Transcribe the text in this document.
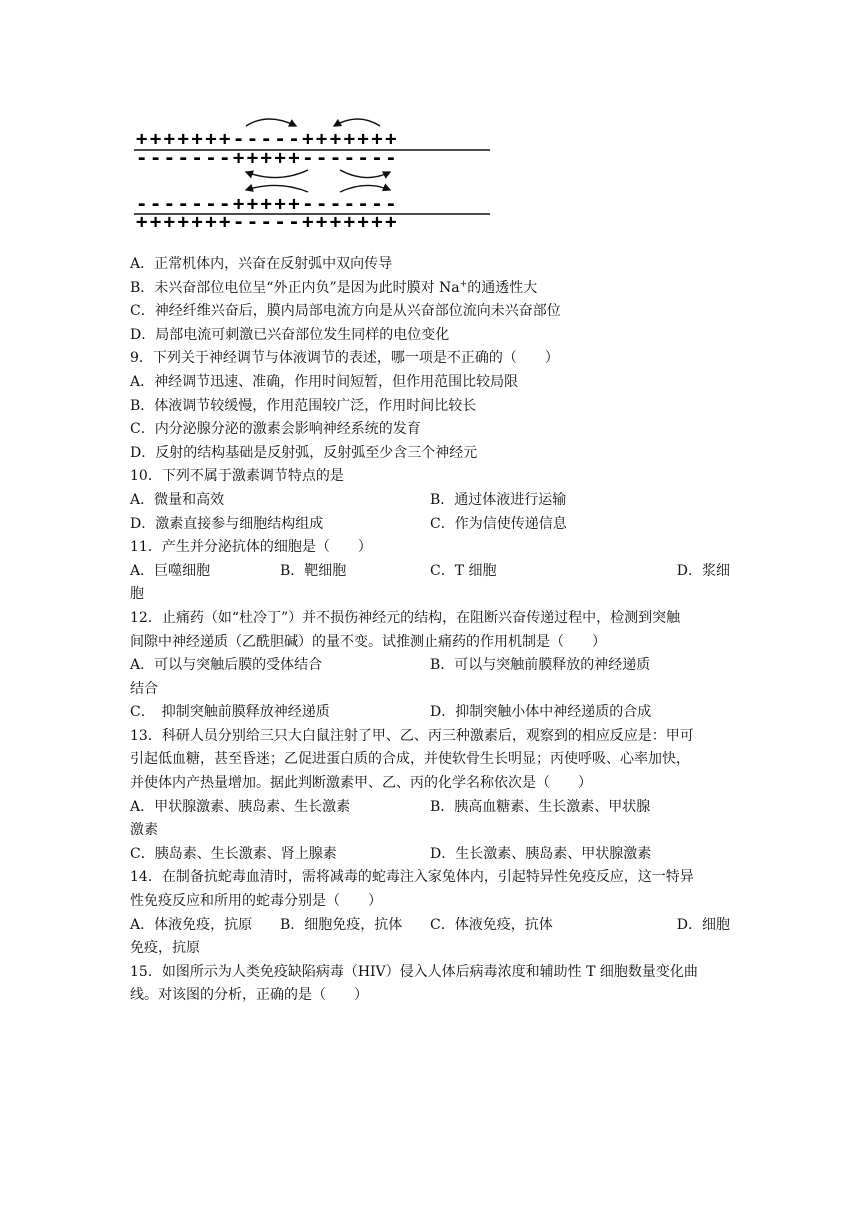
+++++++-----+++++++
-------+++++-------
-------+++++-------
+++++++-----+++++++
A．正常机体内，兴奋在反射弧中双向传导
B．未兴奋部位电位呈“外正内负”是因为此时膜对 Na+的通透性大
C．神经纤维兴奋后，膜内局部电流方向是从兴奋部位流向未兴奋部位
D．局部电流可刺激已兴奋部位发生同样的电位变化
9．下列关于神经调节与体液调节的表述，哪一项是不正确的（　　）
A．神经调节迅速、准确，作用时间短暂，但作用范围比较局限
B．体液调节较缓慢，作用范围较广泛，作用时间比较长
C．内分泌腺分泌的激素会影响神经系统的发育
D．反射的结构基础是反射弧，反射弧至少含三个神经元
10．下列不属于激素调节特点的是
A．微量和高效	B．通过体液进行运输
D．激素直接参与细胞结构组成	C．作为信使传递信息
11．产生并分泌抗体的细胞是（　　）
A．巨噬细胞	B．靶细胞	C．T 细胞	D．浆细
胞
12．止痛药（如“杜冷丁”）并不损伤神经元的结构，在阻断兴奋传递过程中，检测到突触
间隙中神经递质（乙酰胆碱）的量不变。试推测止痛药的作用机制是（　　）
A．可以与突触后膜的受体结合	B．可以与突触前膜释放的神经递质
结合
C．　抑制突触前膜释放神经递质	D．抑制突触小体中神经递质的合成
13．科研人员分别给三只大白鼠注射了甲、乙、丙三种激素后，观察到的相应反应是：甲可
引起低血糖，甚至昏迷；乙促进蛋白质的合成，并使软骨生长明显；丙使呼吸、心率加快，
并使体内产热量增加。据此判断激素甲、乙、丙的化学名称依次是（　　）
A．甲状腺激素、胰岛素、生长激素	B．胰高血糖素、生长激素、甲状腺
激素
C．胰岛素、生长激素、肾上腺素	D．生长激素、胰岛素、甲状腺激素
14．在制备抗蛇毒血清时，需将减毒的蛇毒注入家兔体内，引起特异性免疫反应，这一特异
性免疫反应和所用的蛇毒分别是（　　）
A．体液免疫，抗原	B．细胞免疫，抗体	C．体液免疫，抗体	D．细胞
免疫，抗原
15．如图所示为人类免疫缺陷病毒（HIV）侵入人体后病毒浓度和辅助性 T 细胞数量变化曲
线。对该图的分析，正确的是（　　）
